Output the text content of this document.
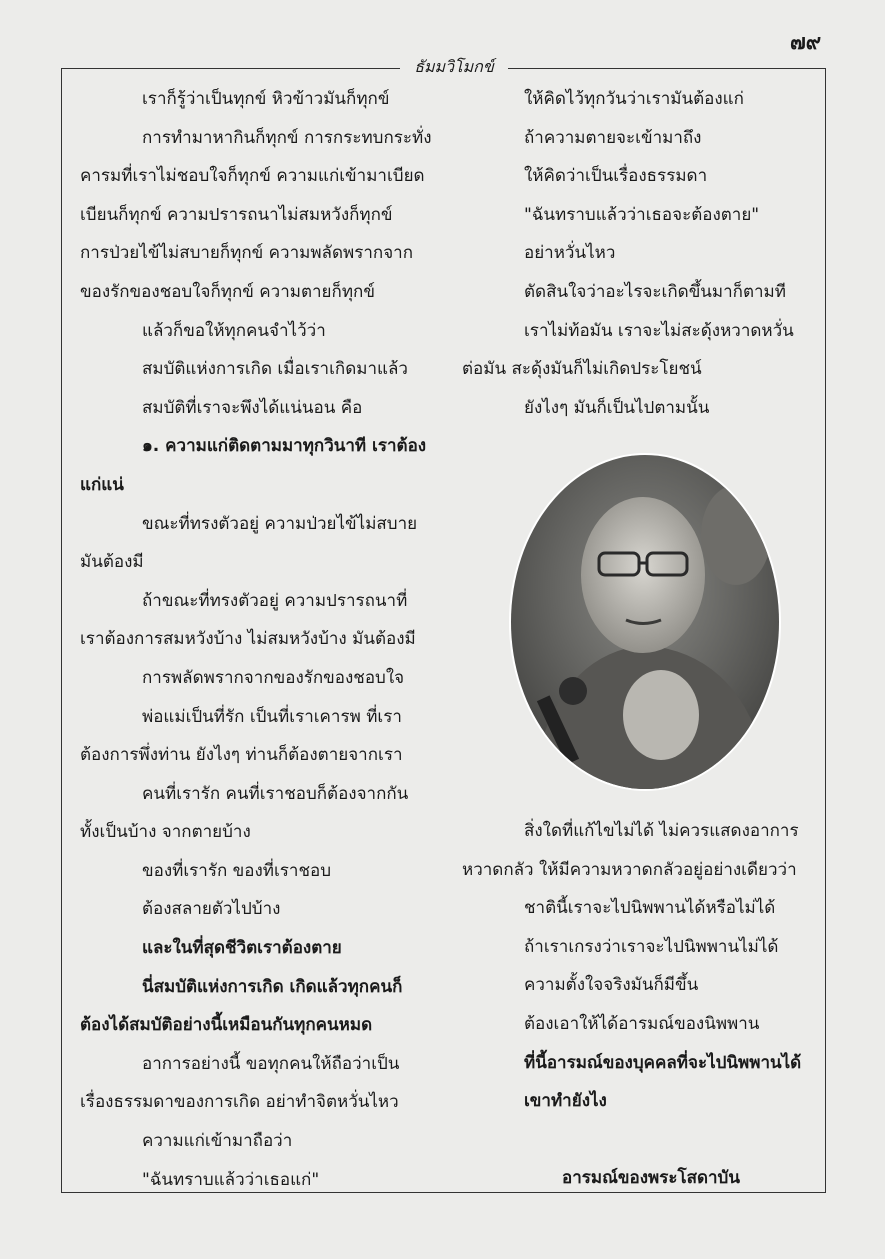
๗๙
ธัมมวิโมกข์
เราก็รู้ว่าเป็นทุกข์ หิวข้าวมันก็ทุกข์
การทำมาหากินก็ทุกข์ การกระทบกระทั่ง
คารมที่เราไม่ชอบใจก็ทุกข์ ความแก่เข้ามาเบียด
เบียนก็ทุกข์ ความปรารถนาไม่สมหวังก็ทุกข์
การป่วยไข้ไม่สบายก็ทุกข์ ความพลัดพรากจาก
ของรักของชอบใจก็ทุกข์ ความตายก็ทุกข์
แล้วก็ขอให้ทุกคนจำไว้ว่า
สมบัติแห่งการเกิด เมื่อเราเกิดมาแล้ว
สมบัติที่เราจะพึงได้แน่นอน คือ
๑. ความแก่ติดตามมาทุกวินาที เราต้อง
แก่แน่
ขณะที่ทรงตัวอยู่ ความป่วยไข้ไม่สบาย
มันต้องมี
ถ้าขณะที่ทรงตัวอยู่ ความปรารถนาที่
เราต้องการสมหวังบ้าง ไม่สมหวังบ้าง มันต้องมี
การพลัดพรากจากของรักของชอบใจ
พ่อแม่เป็นที่รัก เป็นที่เราเคารพ ที่เรา
ต้องการพึ่งท่าน ยังไงๆ ท่านก็ต้องตายจากเรา
คนที่เรารัก คนที่เราชอบก็ต้องจากกัน
ทั้งเป็นบ้าง จากตายบ้าง
ของที่เรารัก ของที่เราชอบ
ต้องสลายตัวไปบ้าง
และในที่สุดชีวิตเราต้องตาย
นี่สมบัติแห่งการเกิด เกิดแล้วทุกคนก็
ต้องได้สมบัติอย่างนี้เหมือนกันทุกคนหมด
อาการอย่างนี้ ขอทุกคนให้ถือว่าเป็น
เรื่องธรรมดาของการเกิด อย่าทำจิตหวั่นไหว
ความแก่เข้ามาถือว่า
"ฉันทราบแล้วว่าเธอแก่"
ให้คิดไว้ทุกวันว่าเรามันต้องแก่
ถ้าความตายจะเข้ามาถึง
ให้คิดว่าเป็นเรื่องธรรมดา
"ฉันทราบแล้วว่าเธอจะต้องตาย"
อย่าหวั่นไหว
ตัดสินใจว่าอะไรจะเกิดขึ้นมาก็ตามที
เราไม่ท้อมัน เราจะไม่สะดุ้งหวาดหวั่น
ต่อมัน สะดุ้งมันก็ไม่เกิดประโยชน์
ยังไงๆ มันก็เป็นไปตามนั้น
สิ่งใดที่แก้ไขไม่ได้ ไม่ควรแสดงอาการ
หวาดกลัว ให้มีความหวาดกลัวอยู่อย่างเดียวว่า
ชาตินี้เราจะไปนิพพานได้หรือไม่ได้
ถ้าเราเกรงว่าเราจะไปนิพพานไม่ได้
ความตั้งใจจริงมันก็มีขึ้น
ต้องเอาให้ได้อารมณ์ของนิพพาน
ที่นี้อารมณ์ของบุคคลที่จะไปนิพพานได้
เขาทำยังไง
อารมณ์ของพระโสดาบัน
